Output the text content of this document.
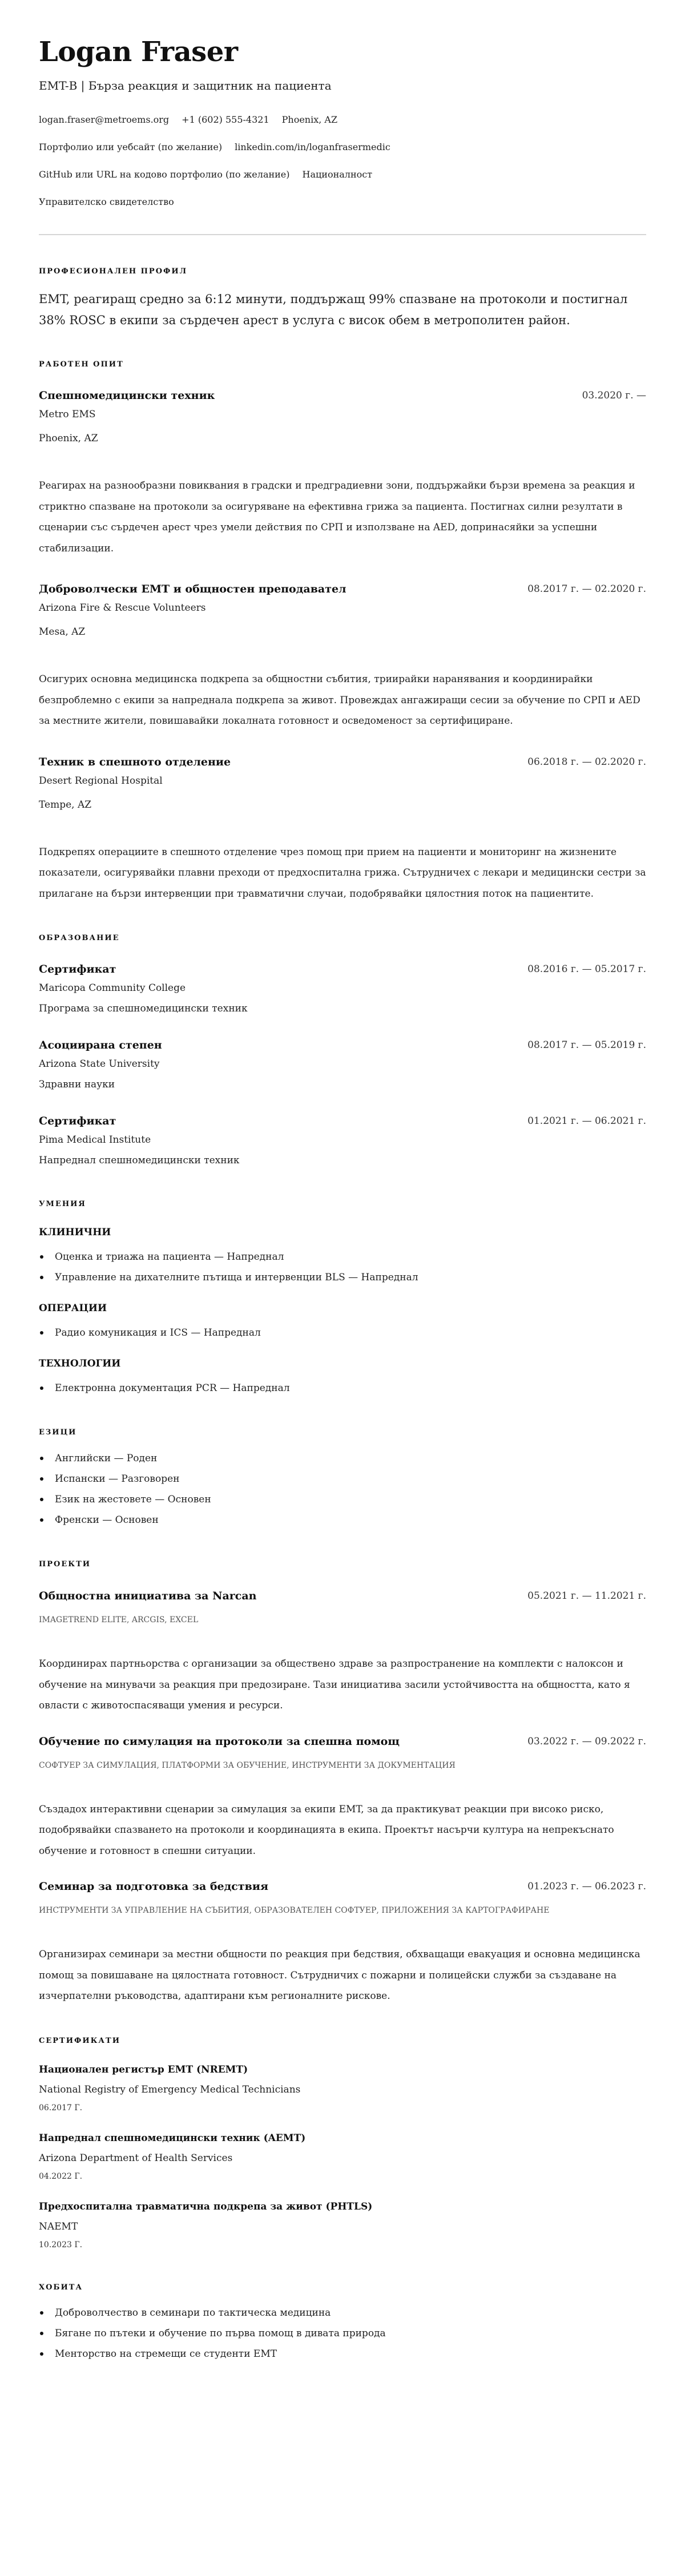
Logan Fraser
EMT-B | Бърза реакция и защитник на пациента
logan.fraser@metroems.org +1 (602) 555-4321 Phoenix, AZ
Портфолио или уебсайт (по желание) linkedin.com/in/loganfrasermedic
GitHub или URL на кодово портфолио (по желание) Националност
Управителско свидетелство
ПРОФЕСИОНАЛЕН ПРОФИЛ
EMT, реагиращ средно за 6:12 минути, поддържащ 99% спазване на протоколи и постигнал 38% ROSC в екипи за сърдечен арест в услуга с висок обем в метрополитен район.
РАБОТЕН ОПИТ
Спешномедицински техник	03.2020 г. —
Metro EMS
Phoenix, AZ
Реагирах на разнообразни повиквания в градски и предградиевни зони, поддържайки бързи времена за реакция и стриктно спазване на протоколи за осигуряване на ефективна грижа за пациента. Постигнах силни резултати в сценарии със сърдечен арест чрез умели действия по СРП и използване на AED, допринасяйки за успешни стабилизации.
Доброволчески EMT и общностен преподавател	08.2017 г. — 02.2020 г.
Arizona Fire & Rescue Volunteers
Mesa, AZ
Осигурих основна медицинска подкрепа за общностни събития, триирайки наранявания и координирайки безпроблемно с екипи за напреднала подкрепа за живот. Провеждах ангажиращи сесии за обучение по СРП и AED за местните жители, повишавайки локалната готовност и осведоменост за сертифициране.
Техник в спешното отделение	06.2018 г. — 02.2020 г.
Desert Regional Hospital
Tempe, AZ
Подкрепях операциите в спешното отделение чрез помощ при прием на пациенти и мониторинг на жизнените показатели, осигурявайки плавни преходи от предхоспитална грижа. Сътрудничех с лекари и медицински сестри за прилагане на бързи интервенции при травматични случаи, подобрявайки цялостния поток на пациентите.
ОБРАЗОВАНИЕ
Сертификат	08.2016 г. — 05.2017 г.
Maricopa Community College
Програма за спешномедицински техник
Асоциирана степен	08.2017 г. — 05.2019 г.
Arizona State University
Здравни науки
Сертификат	01.2021 г. — 06.2021 г.
Pima Medical Institute
Напреднал спешномедицински техник
УМЕНИЯ
КЛИНИЧНИ
Оценка и триажа на пациента — Напреднал
Управление на дихателните пътища и интервенции BLS — Напреднал
ОПЕРАЦИИ
Радио комуникация и ICS — Напреднал
ТЕХНОЛОГИИ
Електронна документация PCR — Напреднал
ЕЗИЦИ
Английски — Роден
Испански — Разговорен
Език на жестовете — Основен
Френски — Основен
ПРОЕКТИ
Общностна инициатива за Narcan	05.2021 г. — 11.2021 г.
IMAGETREND ELITE, ARCGIS, EXCEL
Координирах партньорства с организации за обществено здраве за разпространение на комплекти с налоксон и обучение на минувачи за реакция при предозиране. Тази инициатива засили устойчивостта на общността, като я овласти с животоспасяващи умения и ресурси.
Обучение по симулация на протоколи за спешна помощ	03.2022 г. — 09.2022 г.
СОФТУЕР ЗА СИМУЛАЦИЯ, ПЛАТФОРМИ ЗА ОБУЧЕНИЕ, ИНСТРУМЕНТИ ЗА ДОКУМЕНТАЦИЯ
Създадох интерактивни сценарии за симулация за екипи EMT, за да практикуват реакции при високо риско, подобрявайки спазването на протоколи и координацията в екипа. Проектът насърчи култура на непрекъснато обучение и готовност в спешни ситуации.
Семинар за подготовка за бедствия	01.2023 г. — 06.2023 г.
ИНСТРУМЕНТИ ЗА УПРАВЛЕНИЕ НА СЪБИТИЯ, ОБРАЗОВАТЕЛЕН СОФТУЕР, ПРИЛОЖЕНИЯ ЗА КАРТОГРАФИРАНЕ
Организирах семинари за местни общности по реакция при бедствия, обхващащи евакуация и основна медицинска помощ за повишаване на цялостната готовност. Сътрудничих с пожарни и полицейски служби за създаване на изчерпателни ръководства, адаптирани към регионалните рискове.
СЕРТИФИКАТИ
Национален регистър EMT (NREMT)
National Registry of Emergency Medical Technicians
06.2017 Г.
Напреднал спешномедицински техник (AEMT)
Arizona Department of Health Services
04.2022 Г.
Предхоспитална травматична подкрепа за живот (PHTLS)
NAEMT
10.2023 Г.
ХОБИТА
Доброволчество в семинари по тактическа медицина
Бягане по пътеки и обучение по първа помощ в дивата природа
Менторство на стремещи се студенти EMT
